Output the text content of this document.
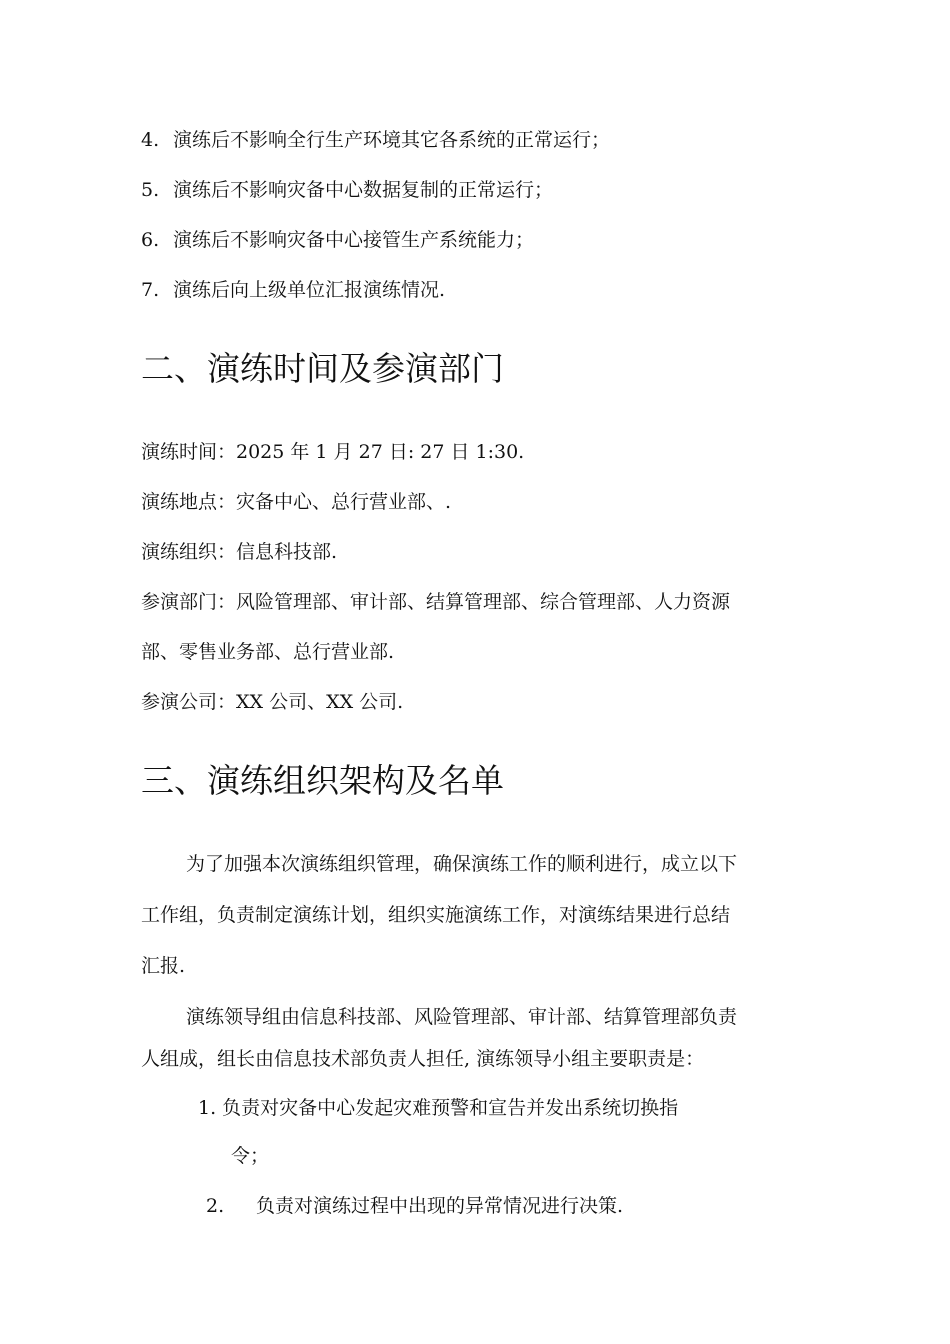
4. 演练后不影响全行生产环境其它各系统的正常运行；
5. 演练后不影响灾备中心数据复制的正常运行；
6. 演练后不影响灾备中心接管生产系统能力；
7. 演练后向上级单位汇报演练情况.
二、演练时间及参演部门
演练时间：2025 年 1 月 27 日: 27 日 1:30.
演练地点：灾备中心、总行营业部、.
演练组织：信息科技部.
参演部门：风险管理部、审计部、结算管理部、综合管理部、人力资源
部、零售业务部、总行营业部.
参演公司：XX 公司、XX 公司.
三、演练组织架构及名单
为了加强本次演练组织管理，确保演练工作的顺利进行，成立以下
工作组，负责制定演练计划，组织实施演练工作，对演练结果进行总结
汇报.
演练领导组由信息科技部、风险管理部、审计部、结算管理部负责
人组成，组长由信息技术部负责人担任, 演练领导小组主要职责是：
1. 负责对灾备中心发起灾难预警和宣告并发出系统切换指
令；
2. 负责对演练过程中出现的异常情况进行决策.
